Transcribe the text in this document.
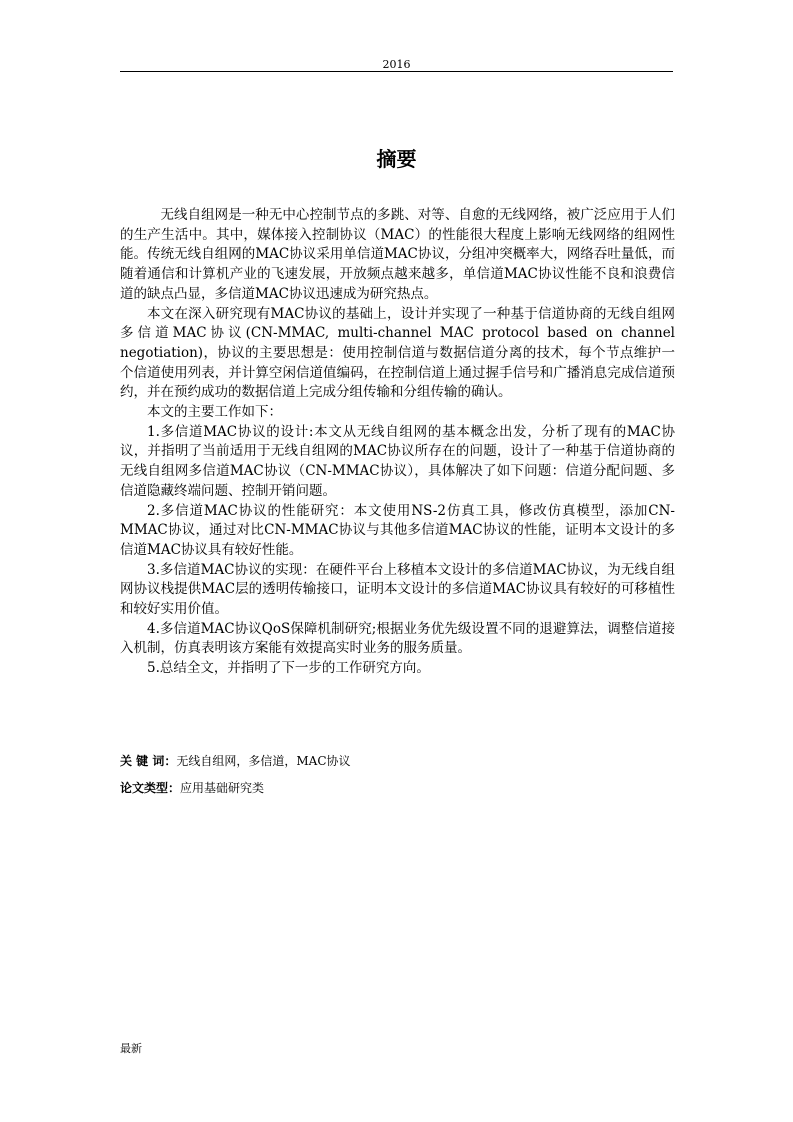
2016
摘要

无线自组网是一种无中心控制节点的多跳、对等、自愈的无线网络，被广泛应用于人们的生产生活中。其中，媒体接入控制协议（MAC）的性能很大程度上影响无线网络的组网性能。传统无线自组网的MAC协议采用单信道MAC协议，分组冲突概率大，网络吞吐量低，而随着通信和计算机产业的飞速发展，开放频点越来越多，单信道MAC协议性能不良和浪费信道的缺点凸显，多信道MAC协议迅速成为研究热点。

本文在深入研究现有MAC协议的基础上，设计并实现了一种基于信道协商的无线自组网多信道MAC协议(CN-MMAC, multi-channel MAC protocol based on channel negotiation)，协议的主要思想是：使用控制信道与数据信道分离的技术，每个节点维护一个信道使用列表，并计算空闲信道值编码，在控制信道上通过握手信号和广播消息完成信道预约，并在预约成功的数据信道上完成分组传输和分组传输的确认。

本文的主要工作如下：

1.多信道MAC协议的设计:本文从无线自组网的基本概念出发，分析了现有的MAC协议，并指明了当前适用于无线自组网的MAC协议所存在的问题，设计了一种基于信道协商的无线自组网多信道MAC协议（CN-MMAC协议），具体解决了如下问题：信道分配问题、多信道隐藏终端问题、控制开销问题。

2.多信道MAC协议的性能研究：本文使用NS-2仿真工具，修改仿真模型，添加CN-MMAC协议，通过对比CN-MMAC协议与其他多信道MAC协议的性能，证明本文设计的多信道MAC协议具有较好性能。

3.多信道MAC协议的实现：在硬件平台上移植本文设计的多信道MAC协议，为无线自组网协议栈提供MAC层的透明传输接口，证明本文设计的多信道MAC协议具有较好的可移植性和较好实用价值。

4.多信道MAC协议QoS保障机制研究;根据业务优先级设置不同的退避算法，调整信道接入机制，仿真表明该方案能有效提高实时业务的服务质量。

5.总结全文，并指明了下一步的工作研究方向。

关 键 词：无线自组网，多信道，MAC协议
论文类型：应用基础研究类
最新
